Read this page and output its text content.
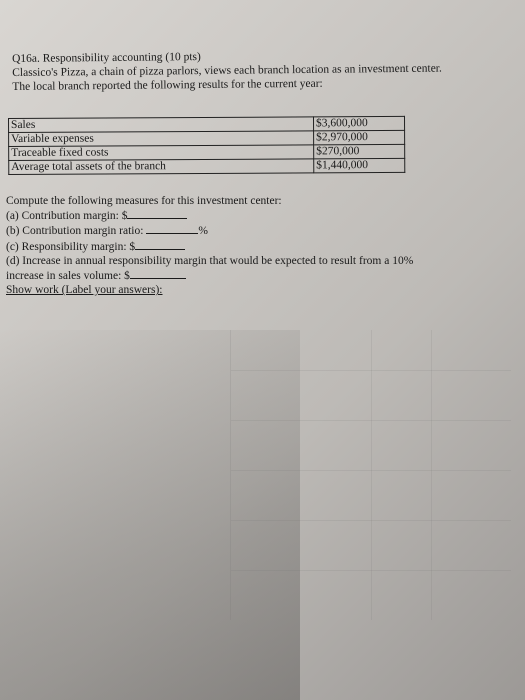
Q16a. Responsibility accounting (10 pts)
Classico's Pizza, a chain of pizza parlors, views each branch location as an investment center.
The local branch reported the following results for the current year:
Sales	$3,600,000
Variable expenses	$2,970,000
Traceable fixed costs	$270,000
Average total assets of the branch	$1,440,000
Compute the following measures for this investment center:
(a) Contribution margin: $
(b) Contribution margin ratio:	%
(c) Responsibility margin: $
(d) Increase in annual responsibility margin that would be expected to result from a 10%
increase in sales volume: $
Show work (Label your answers):
